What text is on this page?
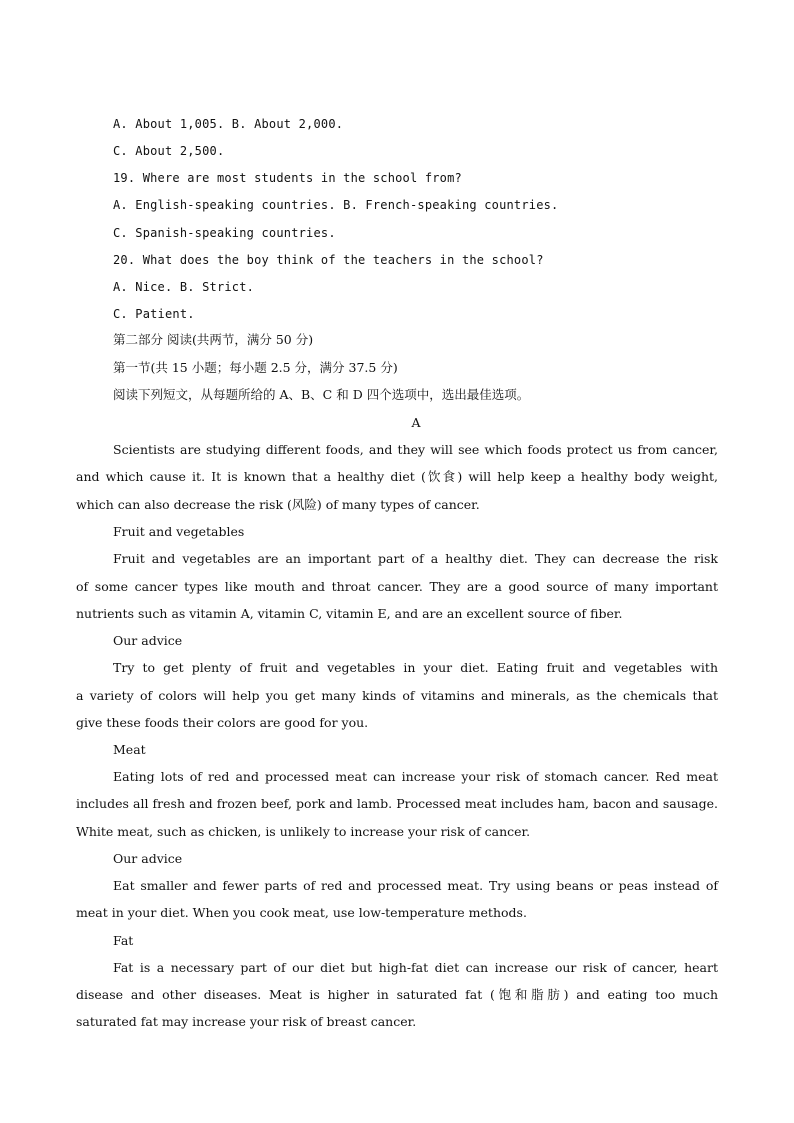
A. About 1,005. B. About 2,000.
C. About 2,500.
19. Where are most students in the school from?
A. English-speaking countries. B. French-speaking countries.
C. Spanish-speaking countries.
20. What does the boy think of the teachers in the school?
A. Nice. B. Strict.
C. Patient.
第二部分 阅读(共两节，满分 50 分)
第一节(共 15 小题；每小题 2.5 分，满分 37.5 分)
阅读下列短文，从每题所给的 A、B、C 和 D 四个选项中，选出最佳选项。
A
Scientists are studying different foods, and they will see which foods protect us from cancer,
and which cause it. It is known that a healthy diet (饮食) will help keep a healthy body weight,
which can also decrease the risk (风险) of many types of cancer.
Fruit and vegetables
Fruit and vegetables are an important part of a healthy diet. They can decrease the risk
of some cancer types like mouth and throat cancer. They are a good source of many important
nutrients such as vitamin A, vitamin C, vitamin E, and are an excellent source of fiber.
Our advice
Try to get plenty of fruit and vegetables in your diet. Eating fruit and vegetables with
a variety of colors will help you get many kinds of vitamins and minerals, as the chemicals that
give these foods their colors are good for you.
Meat
Eating lots of red and processed meat can increase your risk of stomach cancer. Red meat
includes all fresh and frozen beef, pork and lamb. Processed meat includes ham, bacon and sausage.
White meat, such as chicken, is unlikely to increase your risk of cancer.
Our advice
Eat smaller and fewer parts of red and processed meat. Try using beans or peas instead of
meat in your diet. When you cook meat, use low-temperature methods.
Fat
Fat is a necessary part of our diet but high-fat diet can increase our risk of cancer, heart
disease and other diseases. Meat is higher in saturated fat (饱和脂肪) and eating too much
saturated fat may increase your risk of breast cancer.
